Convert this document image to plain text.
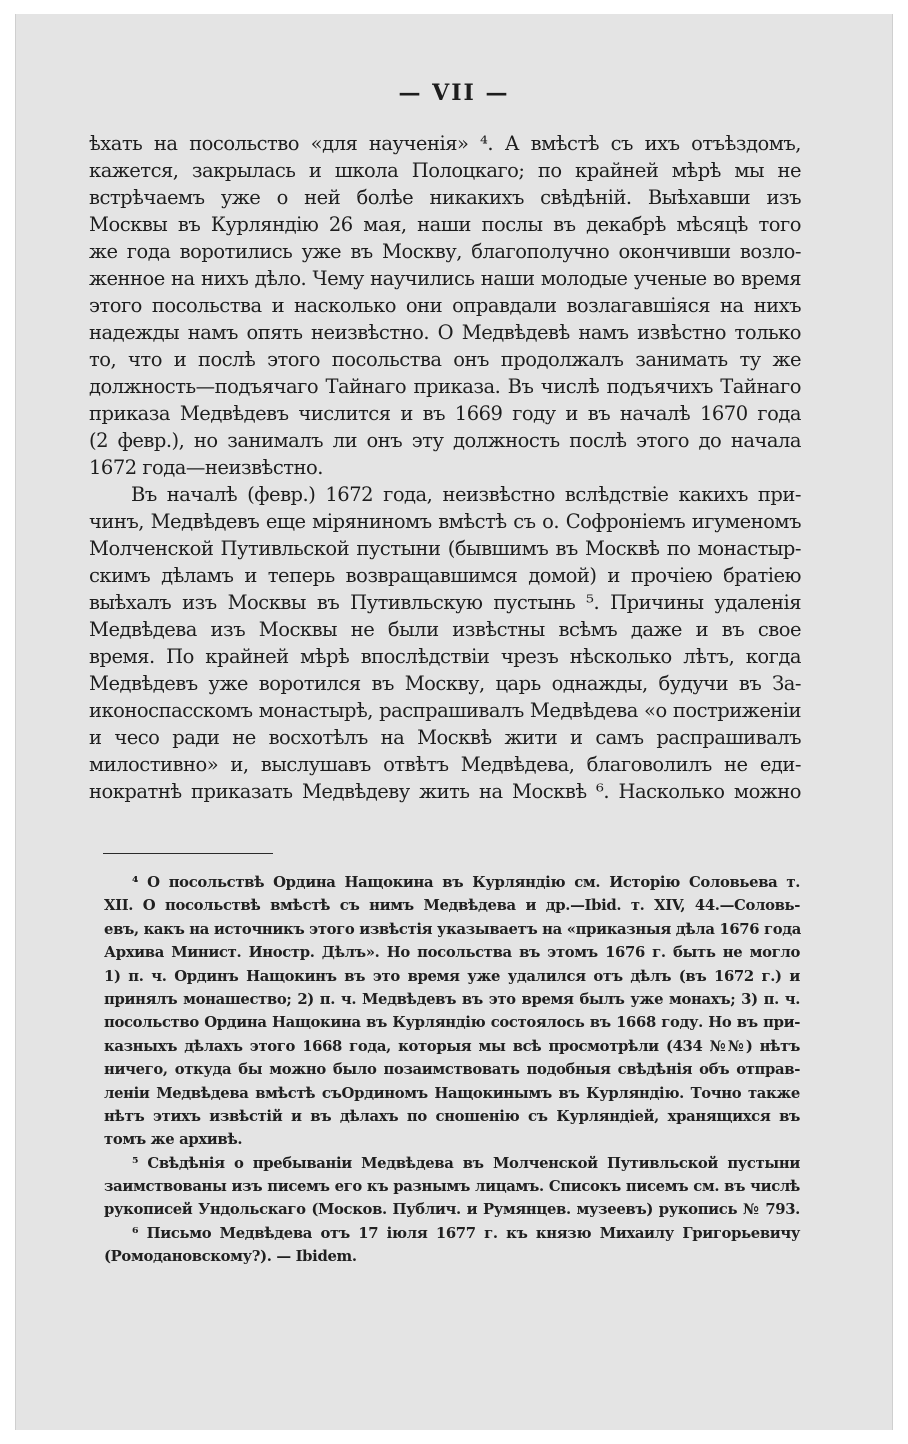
— VII —
ѣхать на посольство «для наученія» ⁴. А вмѣстѣ съ ихъ отъѣздомъ,
кажется, закрылась и школа Полоцкаго; по крайней мѣрѣ мы не
встрѣчаемъ уже о ней болѣе никакихъ свѣдѣній. Выѣхавши изъ
Москвы въ Курляндію 26 мая, наши послы въ декабрѣ мѣсяцѣ того
же года воротились уже въ Москву, благополучно окончивши возло-
женное на нихъ дѣло. Чему научились наши молодые ученые во время
этого посольства и насколько они оправдали возлагавшіяся на нихъ
надежды намъ опять неизвѣстно. О Медвѣдевѣ намъ извѣстно только
то, что и послѣ этого посольства онъ продолжалъ занимать ту же
должность—подъячаго Тайнаго приказа. Въ числѣ подъячихъ Тайнаго
приказа Медвѣдевъ числится и въ 1669 году и въ началѣ 1670 года
(2 февр.), но занималъ ли онъ эту должность послѣ этого до начала
1672 года—неизвѣстно.
Въ началѣ (февр.) 1672 года, неизвѣстно вслѣдствіе какихъ при-
чинъ, Медвѣдевъ еще міряниномъ вмѣстѣ съ о. Софроніемъ игуменомъ
Молченской Путивльской пустыни (бывшимъ въ Москвѣ по монастыр-
скимъ дѣламъ и теперь возвращавшимся домой) и прочіею братіею
выѣхалъ изъ Москвы въ Путивльскую пустынь ⁵. Причины удаленія
Медвѣдева изъ Москвы не были извѣстны всѣмъ даже и въ свое
время. По крайней мѣрѣ впослѣдствіи чрезъ нѣсколько лѣтъ, когда
Медвѣдевъ уже воротился въ Москву, царь однажды, будучи въ За-
иконоспасскомъ монастырѣ, распрашивалъ Медвѣдева «о постриженіи
и чесо ради не восхотѣлъ на Москвѣ жити и самъ распрашивалъ
милостивно» и, выслушавъ отвѣтъ Медвѣдева, благоволилъ не еди-
нократнѣ приказать Медвѣдеву жить на Москвѣ ⁶. Насколько можно
⁴ О посольствѣ Ордина Нащокина въ Курляндію см. Исторію Соловьева т.
XII. О посольствѣ вмѣстѣ съ нимъ Медвѣдева и др.—Ibid. т. XIV, 44.—Соловь-
евъ, какъ на источникъ этого извѣстія указываетъ на «приказныя дѣла 1676 года
Архива Минист. Иностр. Дѣлъ». Но посольства въ этомъ 1676 г. быть не могло
1) п. ч. Ординъ Нащокинъ въ это время уже удалился отъ дѣлъ (въ 1672 г.) и
принялъ монашество; 2) п. ч. Медвѣдевъ въ это время былъ уже монахъ; 3) п. ч.
посольство Ордина Нащокина въ Курляндію состоялось въ 1668 году. Но въ при-
казныхъ дѣлахъ этого 1668 года, которыя мы всѣ просмотрѣли (434 №№) нѣтъ
ничего, откуда бы можно было позаимствовать подобныя свѣдѣнія объ отправ-
леніи Медвѣдева вмѣстѣ съОрдиномъ Нащокинымъ въ Курляндію. Точно также
нѣтъ этихъ извѣстій и въ дѣлахъ по сношенію съ Курляндіей, хранящихся въ
томъ же архивѣ.
⁵ Свѣдѣнія о пребываніи Медвѣдева въ Молченской Путивльской пустыни
заимствованы изъ писемъ его къ разнымъ лицамъ. Списокъ писемъ см. въ числѣ
рукописей Ундольскаго (Москов. Публич. и Румянцев. музеевъ) рукопись № 793.
⁶ Письмо Медвѣдева отъ 17 іюля 1677 г. къ князю Михаилу Григорьевичу
(Ромодановскому?). — Ibidem.
